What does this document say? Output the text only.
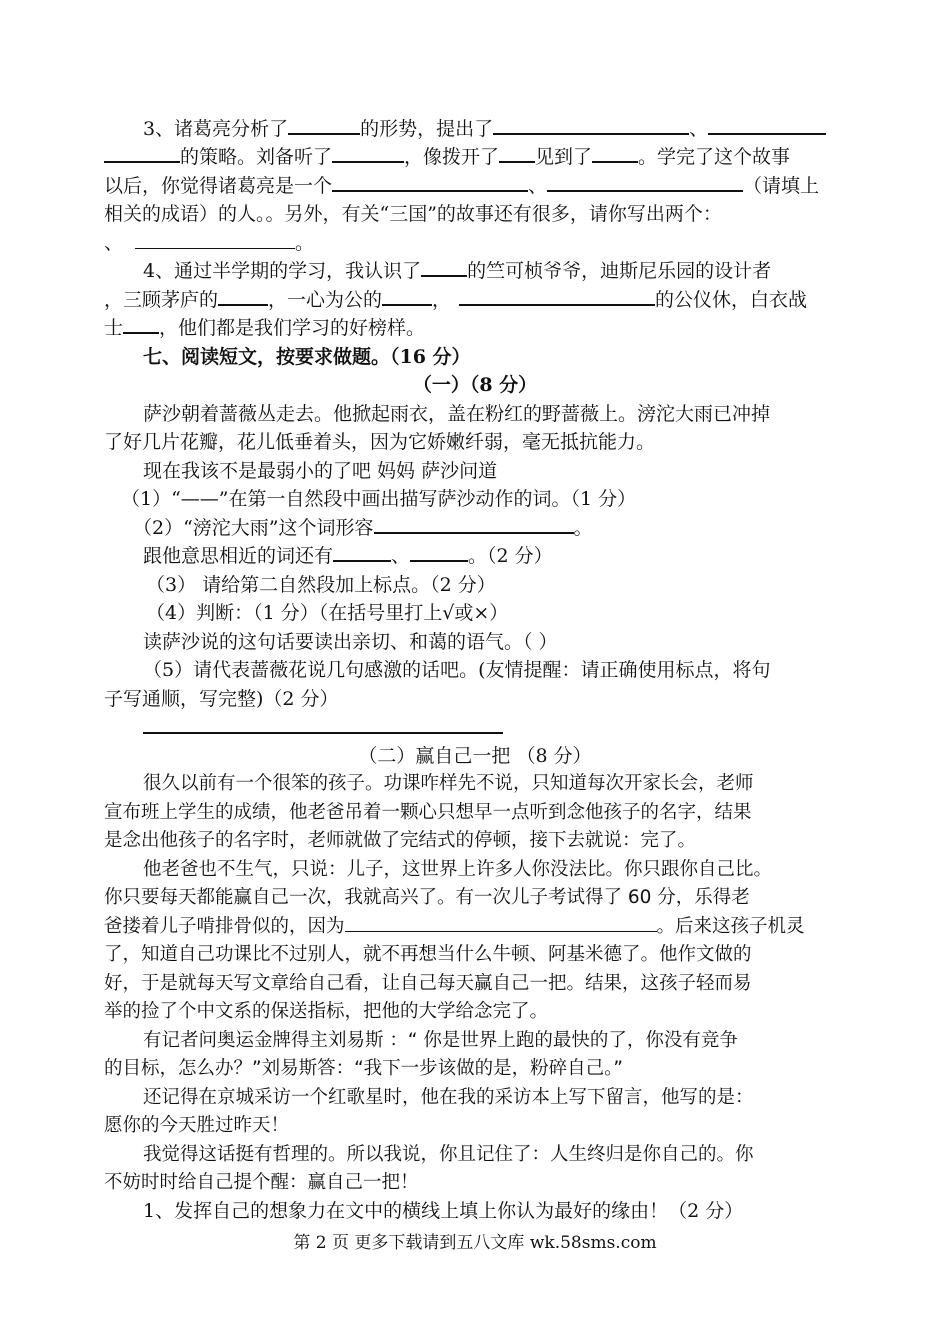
3、诸葛亮分析了	的形势，提出了	、
的策略。刘备听了	，像拨开了 见到了 。学完了这个故事
以后，你觉得诸葛亮是一个	、	（请填上
相关的成语）的人。。另外，有关“三国”的故事还有很多，请你写出两个：
、	。
4、通过半学期的学习，我认识了 的竺可桢爷爷，迪斯尼乐园的设计者
，三顾茅庐的	，一心为公的	，	的公仪休，白衣战
士 ，他们都是我们学习的好榜样。
七、阅读短文，按要求做题。（16 分）
（一）（8 分）
萨沙朝着蔷薇丛走去。他掀起雨衣，盖在粉红的野蔷薇上。滂沱大雨已冲掉
了好几片花瓣，花儿低垂着头，因为它娇嫩纤弱，毫无抵抗能力。
现在我该不是最弱小的了吧 妈妈 萨沙问道
（1）“——”在第一自然段中画出描写萨沙动作的词。（1 分）
（2）“滂沱大雨”这个词形容	。
跟他意思相近的词还有	、	。（2 分）
（3） 请给第二自然段加上标点。（2 分）
（4）判断：（1 分）（在括号里打上√或×）
读萨沙说的这句话要读出亲切、和蔼的语气。（ ）
（5）请代表蔷薇花说几句感激的话吧。(友情提醒：请正确使用标点，将句
子写通顺，写完整)（2 分）
（二）赢自己一把 （8 分）
很久以前有一个很笨的孩子。功课咋样先不说，只知道每次开家长会，老师
宣布班上学生的成绩，他老爸吊着一颗心只想早一点听到念他孩子的名字，结果
是念出他孩子的名字时，老师就做了完结式的停顿，接下去就说：完了。
他老爸也不生气，只说：儿子，这世界上许多人你没法比。你只跟你自己比。
你只要每天都能赢自己一次，我就高兴了。有一次儿子考试得了 60 分，乐得老
爸搂着儿子啃排骨似的，因为	。后来这孩子机灵
了，知道自己功课比不过别人，就不再想当什么牛顿、阿基米德了。他作文做的
好，于是就每天写文章给自己看，让自己每天赢自己一把。结果，这孩子轻而易
举的捡了个中文系的保送指标，把他的大学给念完了。
有记者问奥运金牌得主刘易斯 ：“ 你是世界上跑的最快的了，你没有竞争
的目标，怎么办？”刘易斯答：“我下一步该做的是，粉碎自己。”
还记得在京城采访一个红歌星时，他在我的采访本上写下留言，他写的是：
愿你的今天胜过昨天！
我觉得这话挺有哲理的。所以我说，你且记住了：人生终归是你自己的。你
不妨时时给自己提个醒：赢自己一把！
1、发挥自己的想象力在文中的横线上填上你认为最好的缘由！（2 分）
第 2 页 更多下载请到五八文库 wk.58sms.com
